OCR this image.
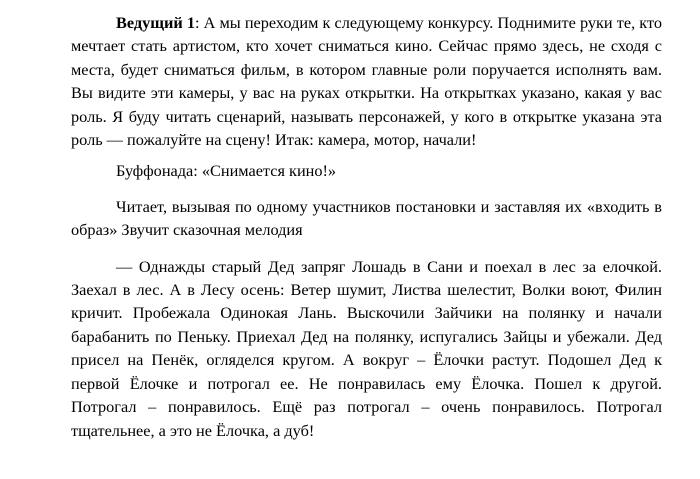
Ведущий 1: А мы переходим к следующему конкурсу. Поднимите руки те, кто мечтает стать артистом, кто хочет сниматься кино. Сейчас прямо здесь, не сходя с места, будет сниматься фильм, в котором главные роли поручается исполнять вам. Вы видите эти камеры, у вас на руках открытки. На открытках указано, какая у вас роль. Я буду читать сценарий, называть персонажей, у кого в открытке указана эта роль — пожалуйте на сцену! Итак: камера, мотор, начали!

Буффонада: «Снимается кино!»

Читает, вызывая по одному участников постановки и заставляя их «входить в образ» Звучит сказочная мелодия

— Однажды старый Дед запряг Лошадь в Сани и поехал в лес за елочкой. Заехал в лес. А в Лесу осень: Ветер шумит, Листва шелестит, Волки воют, Филин кричит. Пробежала Одинокая Лань. Выскочили Зайчики на полянку и начали барабанить по Пеньку. Приехал Дед на полянку, испугались Зайцы и убежали. Дед присел на Пенёк, огляделся кругом. А вокруг – Ёлочки растут. Подошел Дед к первой Ёлочке и потрогал ее. Не понравилась ему Ёлочка. Пошел к другой. Потрогал – понравилось. Ещё раз потрогал – очень понравилось. Потрогал тщательнее, а это не Ёлочка, а дуб!
